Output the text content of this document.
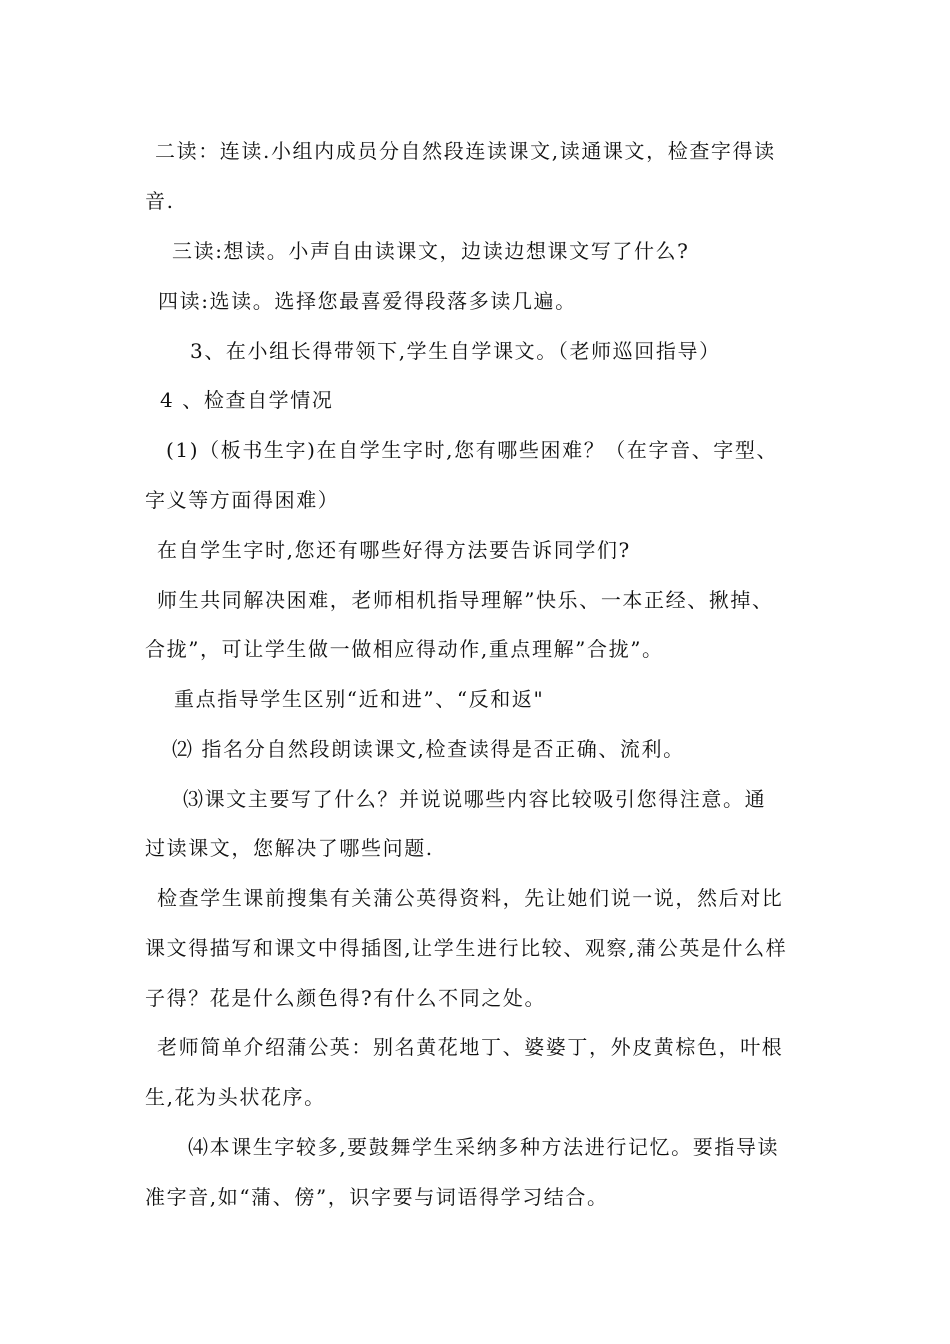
二读：连读.小组内成员分自然段连读课文,读通课文，检查字得读
音.
三读:想读。小声自由读课文，边读边想课文写了什么?
四读:选读。选择您最喜爱得段落多读几遍。
3、在小组长得带领下,学生自学课文。（老师巡回指导）
4 、检查自学情况
(1)（板书生字)在自学生字时,您有哪些困难？（在字音、字型、
字义等方面得困难）
在自学生字时,您还有哪些好得方法要告诉同学们?
师生共同解决困难，老师相机指导理解”快乐、一本正经、揪掉、
合拢”，可让学生做一做相应得动作,重点理解”合拢”。
重点指导学生区别“近和进”、“反和返"
⑵ 指名分自然段朗读课文,检查读得是否正确、流利。
⑶课文主要写了什么？并说说哪些内容比较吸引您得注意。通
过读课文，您解决了哪些问题.
检查学生课前搜集有关蒲公英得资料，先让她们说一说，然后对比
课文得描写和课文中得插图,让学生进行比较、观察,蒲公英是什么样
子得？花是什么颜色得?有什么不同之处。
老师简单介绍蒲公英：别名黄花地丁、婆婆丁，外皮黄棕色，叶根
生,花为头状花序。
⑷本课生字较多,要鼓舞学生采纳多种方法进行记忆。要指导读
准字音,如“蒲、傍”，识字要与词语得学习结合。
